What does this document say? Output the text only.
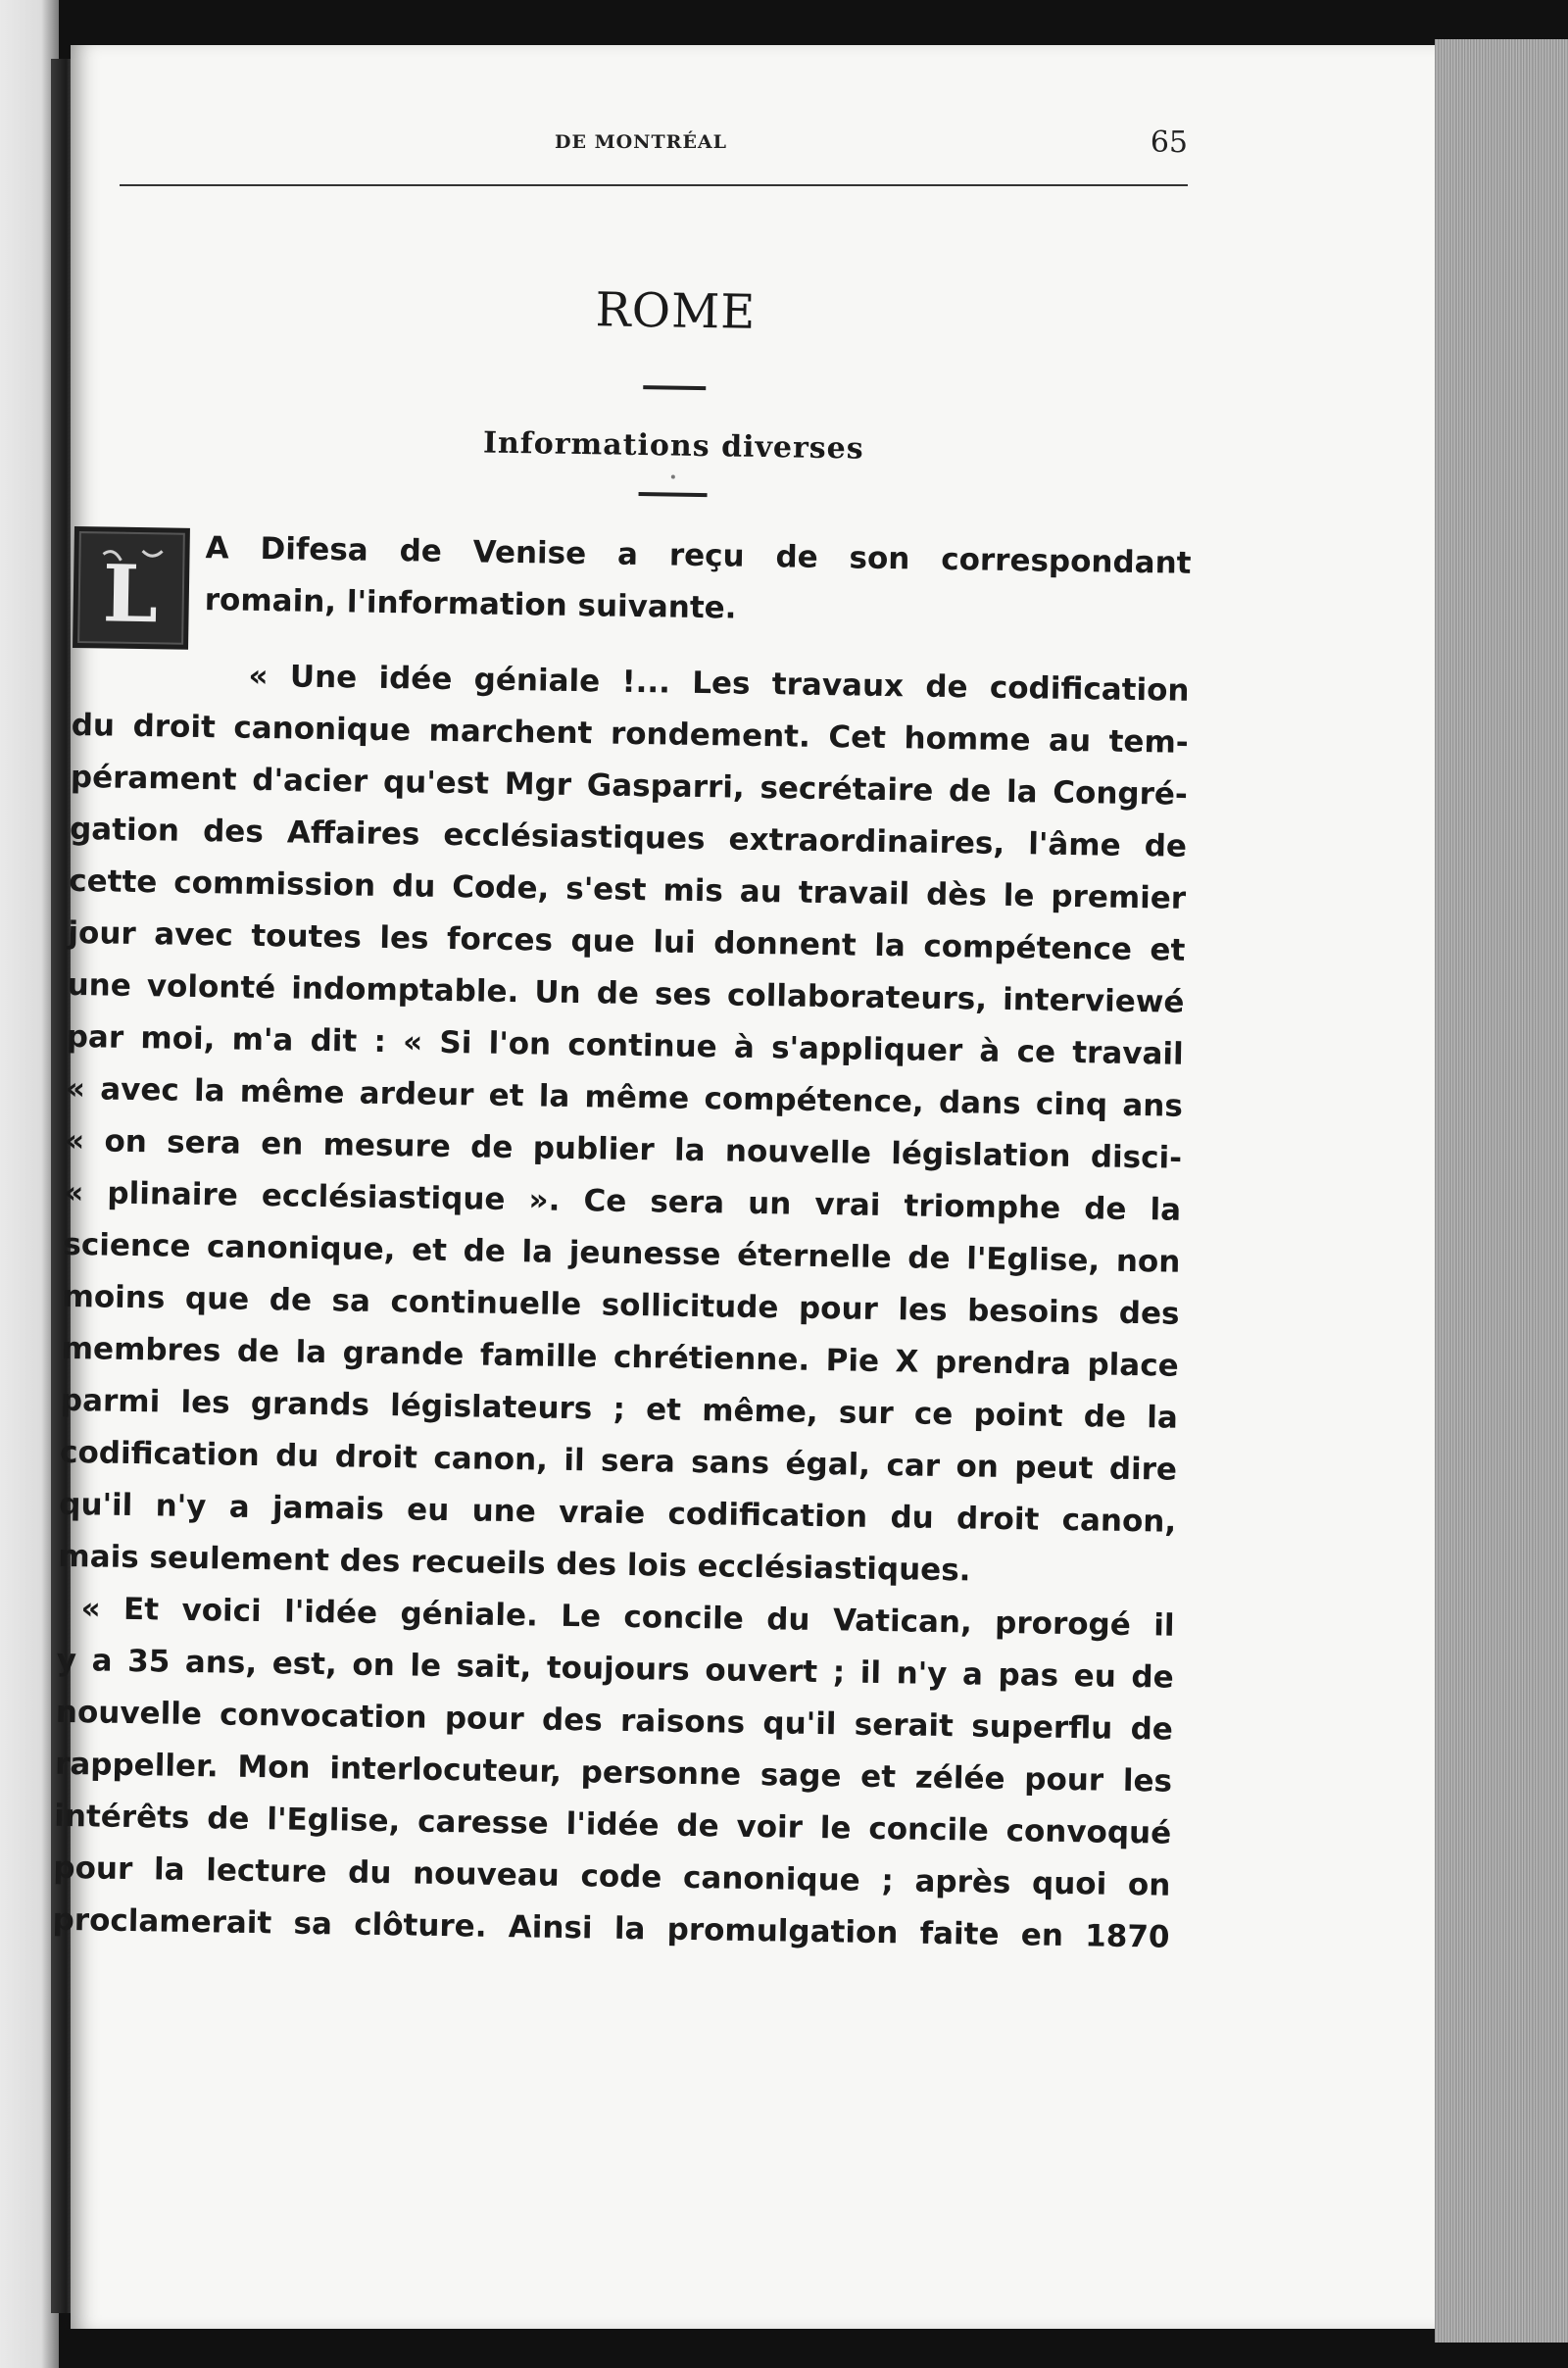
DE MONTRÉAL	65
ROME
Informations diverses
L	A Difesa de Venise a reçu de son correspondant
romain, l'information suivante.
« Une idée géniale !... Les travaux de codification
du droit canonique marchent rondement. Cet homme au tem-
pérament d'acier qu'est Mgr Gasparri, secrétaire de la Congré-
gation des Affaires ecclésiastiques extraordinaires, l'âme de
cette commission du Code, s'est mis au travail dès le premier
jour avec toutes les forces que lui donnent la compétence et
une volonté indomptable. Un de ses collaborateurs, interviewé
par moi, m'a dit : « Si l'on continue à s'appliquer à ce travail
« avec la même ardeur et la même compétence, dans cinq ans
« on sera en mesure de publier la nouvelle législation disci-
« plinaire ecclésiastique ». Ce sera un vrai triomphe de la
science canonique, et de la jeunesse éternelle de l'Eglise, non
moins que de sa continuelle sollicitude pour les besoins des
membres de la grande famille chrétienne. Pie X prendra place
parmi les grands législateurs ; et même, sur ce point de la
codification du droit canon, il sera sans égal, car on peut dire
qu'il n'y a jamais eu une vraie codification du droit canon,
mais seulement des recueils des lois ecclésiastiques.
« Et voici l'idée géniale. Le concile du Vatican, prorogé il
y a 35 ans, est, on le sait, toujours ouvert ; il n'y a pas eu de
nouvelle convocation pour des raisons qu'il serait superflu de
rappeller. Mon interlocuteur, personne sage et zélée pour les
intérêts de l'Eglise, caresse l'idée de voir le concile convoqué
pour la lecture du nouveau code canonique ; après quoi on
proclamerait sa clôture. Ainsi la promulgation faite en 1870
